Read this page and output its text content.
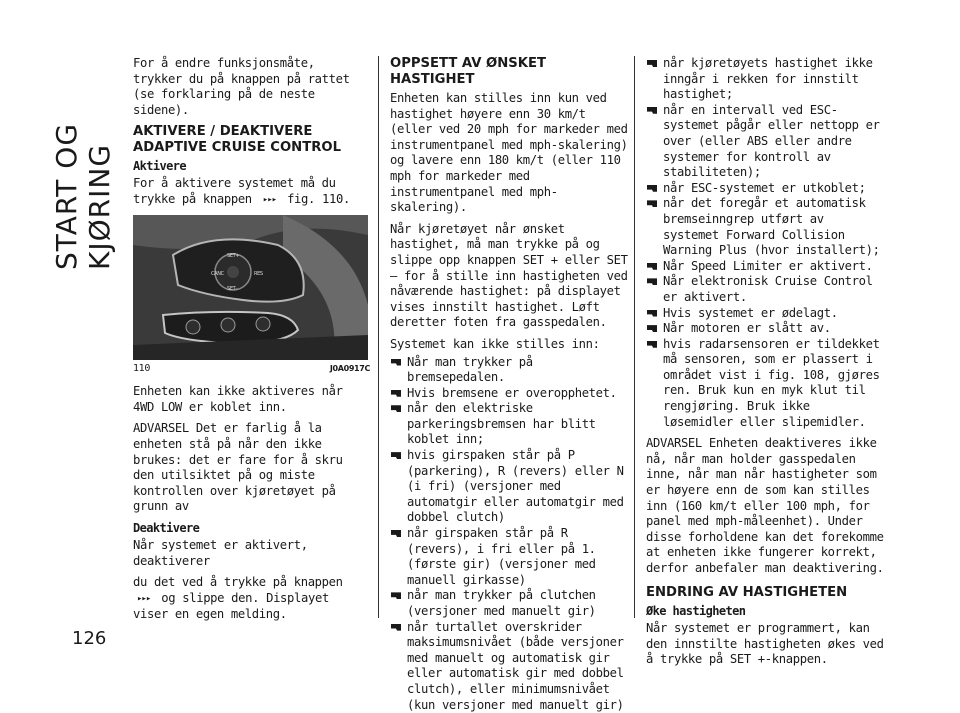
START OG KJØRING
126

For å endre funksjonsmåte, trykker du på knappen på rattet (se forklaring på de neste sidene).

AKTIVERE / DEAKTIVERE ADAPTIVE CRUISE CONTROL
Aktivere

For å aktivere systemet må du trykke på knappen ▸▸▸ fig. 110.

CANC
SET+
RES
SET–
110	J0A0917C

Enheten kan ikke aktiveres når 4WD LOW er koblet inn.

ADVARSEL Det er farlig å la enheten stå på når den ikke brukes: det er fare for å skru den utilsiktet på og miste kontrollen over kjøretøyet på grunn av

Deaktivere

Når systemet er aktivert, deaktiverer

du det ved å trykke på knappen ▸▸▸ og slippe den. Displayet viser en egen melding.

OPPSETT AV ØNSKET HASTIGHET

Enheten kan stilles inn kun ved hastighet høyere enn 30 km/t (eller ved 20 mph for markeder med instrumentpanel med mph-skalering) og lavere enn 180 km/t (eller 110 mph for markeder med instrumentpanel med mph-skalering).

Når kjøretøyet når ønsket hastighet, må man trykke på og slippe opp knappen SET + eller SET – for å stille inn hastigheten ved nåværende hastighet: på displayet vises innstilt hastighet. Løft deretter foten fra gasspedalen.

Systemet kan ikke stilles inn:

Når man trykker på bremsepedalen.
Hvis bremsene er overopphetet.
når den elektriske parkeringsbremsen har blitt koblet inn;
hvis girspaken står på P (parkering), R (revers) eller N (i fri) (versjoner med automatgir eller automatgir med dobbel clutch)
når girspaken står på R (revers), i fri eller på 1. (første gir) (versjoner med manuell girkasse)
når man trykker på clutchen (versjoner med manuelt gir)
når turtallet overskrider maksimumsnivået (både versjoner med manuelt og automatisk gir eller automatisk gir med dobbel clutch), eller minimumsnivået (kun versjoner med manuelt gir)
når kjøretøyets hastighet ikke inngår i rekken for innstilt hastighet;
når en intervall ved ESC-systemet pågår eller nettopp er over (eller ABS eller andre systemer for kontroll av stabiliteten);
når ESC-systemet er utkoblet;
når det foregår et automatisk bremseinngrep utført av systemet Forward Collision Warning Plus (hvor installert);
Når Speed Limiter er aktivert.
Når elektronisk Cruise Control er aktivert.
Hvis systemet er ødelagt.
Når motoren er slått av.
hvis radarsensoren er tildekket må sensoren, som er plassert i området vist i fig. 108, gjøres ren. Bruk kun en myk klut til rengjøring. Bruk ikke løsemidler eller slipemidler.

ADVARSEL Enheten deaktiveres ikke nå, når man holder gasspedalen inne, når man når hastigheter som er høyere enn de som kan stilles inn (160 km/t eller 100 mph, for panel med mph-måleenhet). Under disse forholdene kan det forekomme at enheten ikke fungerer korrekt, derfor anbefaler man deaktivering.

ENDRING AV HASTIGHETEN
Øke hastigheten

Når systemet er programmert, kan den innstilte hastigheten økes ved å trykke på SET +-knappen.
